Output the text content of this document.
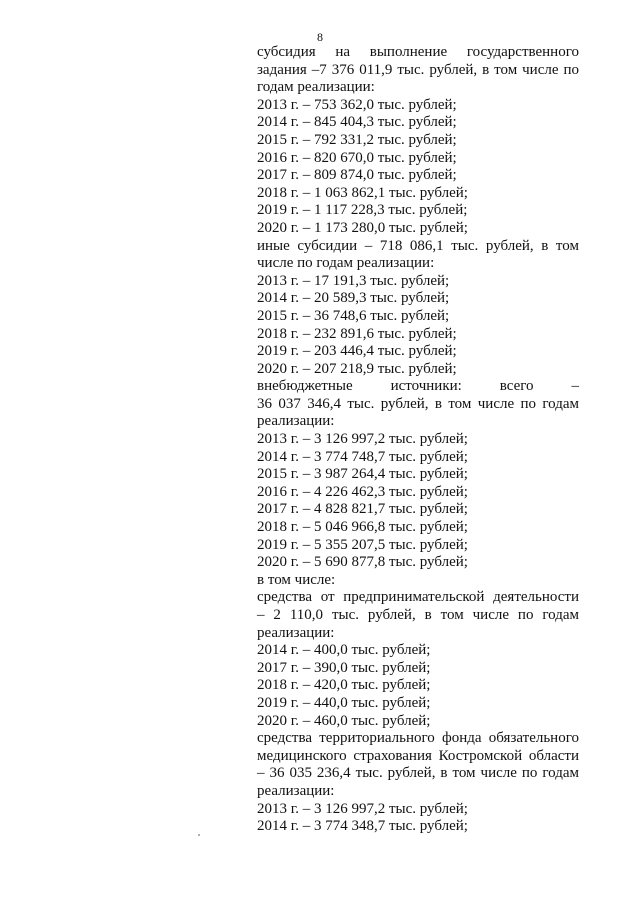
8

субсидия на выполнение государственного

задания –7 376 011,9 тыс. рублей, в том числе по

годам реализации:

2013 г. – 753 362,0 тыс. рублей;

2014 г. – 845 404,3 тыс. рублей;

2015 г. – 792 331,2 тыс. рублей;

2016 г. – 820 670,0 тыс. рублей;

2017 г. – 809 874,0 тыс. рублей;

2018 г. – 1 063 862,1 тыс. рублей;

2019 г. – 1 117 228,3 тыс. рублей;

2020 г. – 1 173 280,0 тыс. рублей;

иные субсидии – 718 086,1 тыс. рублей, в том

числе по годам реализации:

2013 г. – 17 191,3 тыс. рублей;

2014 г. – 20 589,3 тыс. рублей;

2015 г. – 36 748,6 тыс. рублей;

2018 г. – 232 891,6 тыс. рублей;

2019 г. – 203 446,4 тыс. рублей;

2020 г. – 207 218,9 тыс. рублей;

внебюджетные источники: всего –

36 037 346,4 тыс. рублей, в том числе по годам

реализации:

2013 г. – 3 126 997,2 тыс. рублей;

2014 г. – 3 774 748,7 тыс. рублей;

2015 г. – 3 987 264,4 тыс. рублей;

2016 г. – 4 226 462,3 тыс. рублей;

2017 г. – 4 828 821,7 тыс. рублей;

2018 г. – 5 046 966,8 тыс. рублей;

2019 г. – 5 355 207,5 тыс. рублей;

2020 г. – 5 690 877,8 тыс. рублей;

в том числе:

средства от предпринимательской деятельности

– 2 110,0 тыс. рублей, в том числе по годам

реализации:

2014 г. – 400,0 тыс. рублей;

2017 г. – 390,0 тыс. рублей;

2018 г. – 420,0 тыс. рублей;

2019 г. – 440,0 тыс. рублей;

2020 г. – 460,0 тыс. рублей;

средства территориального фонда обязательного

медицинского страхования Костромской области

– 36 035 236,4 тыс. рублей, в том числе по годам

реализации:

2013 г. – 3 126 997,2 тыс. рублей;

2014 г. – 3 774 348,7 тыс. рублей;
